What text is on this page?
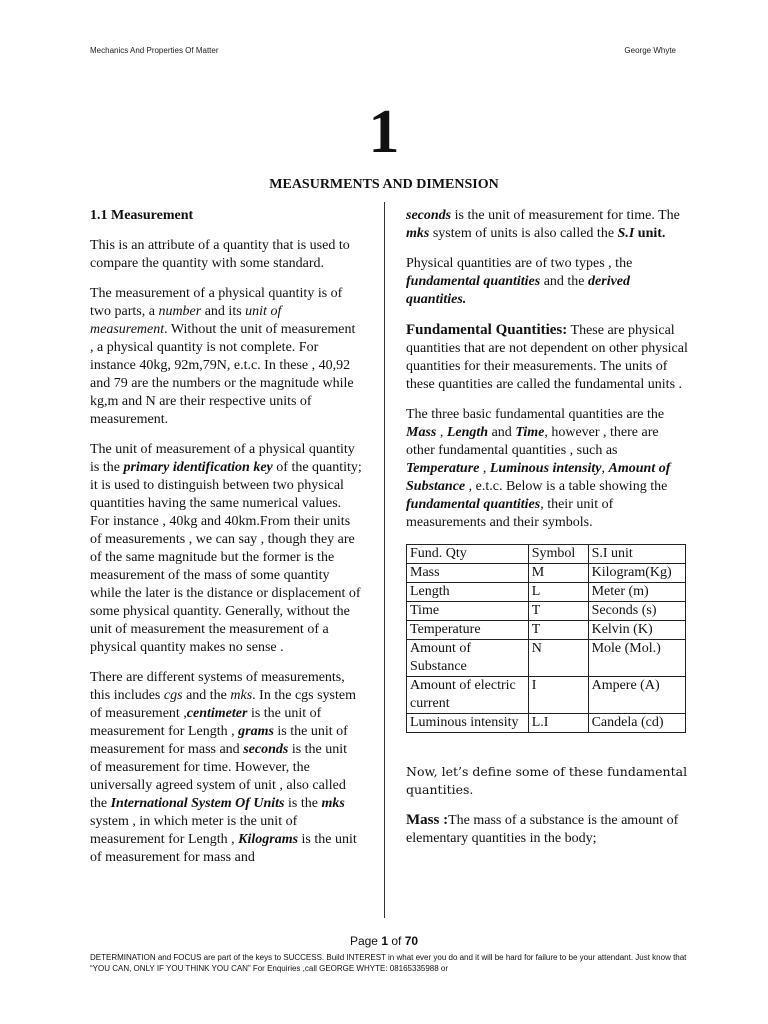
Mechanics And Properties Of Matter	George Whyte
1
MEASURMENTS AND DIMENSION

1.1 Measurement

This is an attribute of a quantity that is used to compare the quantity with some standard.

The measurement of a physical quantity is of two parts, a number and its unit of measurement. Without the unit of measurement , a physical quantity is not complete. For instance 40kg, 92m,79N, e.t.c. In these , 40,92 and 79 are the numbers or the magnitude while kg,m and N are their respective units of measurement.

The unit of measurement of a physical quantity is the primary identification key of the quantity; it is used to distinguish between two physical quantities having the same numerical values. For instance , 40kg and 40km.From their units of measurements , we can say , though they are of the same magnitude but the former is the measurement of the mass of some quantity while the later is the distance or displacement of some physical quantity. Generally, without the unit of measurement the measurement of a physical quantity makes no sense .

There are different systems of measurements, this includes cgs and the mks. In the cgs system of measurement ,centimeter is the unit of measurement for Length , grams is the unit of measurement for mass and seconds is the unit of measurement for time. However, the universally agreed system of unit , also called the International System Of Units is the mks system , in which meter is the unit of measurement for Length , Kilograms is the unit of measurement for mass and

seconds is the unit of measurement for time. The mks system of units is also called the S.I unit.

Physical quantities are of two types , the fundamental quantities and the derived quantities.

Fundamental Quantities: These are physical quantities that are not dependent on other physical quantities for their measurements. The units of these quantities are called the fundamental units .

The three basic fundamental quantities are the Mass , Length and Time, however , there are other fundamental quantities , such as Temperature , Luminous intensity, Amount of Substance , e.t.c. Below is a table showing the fundamental quantities, their unit of measurements and their symbols.

Fund. Qty	Symbol	S.I unit
Mass	M	Kilogram(Kg)
Length	L	Meter (m)
Time	T	Seconds (s)
Temperature	T	Kelvin (K)
Amount of Substance	N	Mole (Mol.)
Amount of electric current	I	Ampere (A)
Luminous intensity	L.I	Candela (cd)

Now, let’s define some of these fundamental quantities.

Mass :The mass of a substance is the amount of elementary quantities in the body;

Page 1 of 70
DETERMINATION and FOCUS are part of the keys to SUCCESS. Build INTEREST in what ever you do and it will be hard for failure to be your attendant. Just know that “YOU CAN, ONLY IF YOU THINK YOU CAN” For Enquiries ,call GEORGE WHYTE: 08165335988 or
